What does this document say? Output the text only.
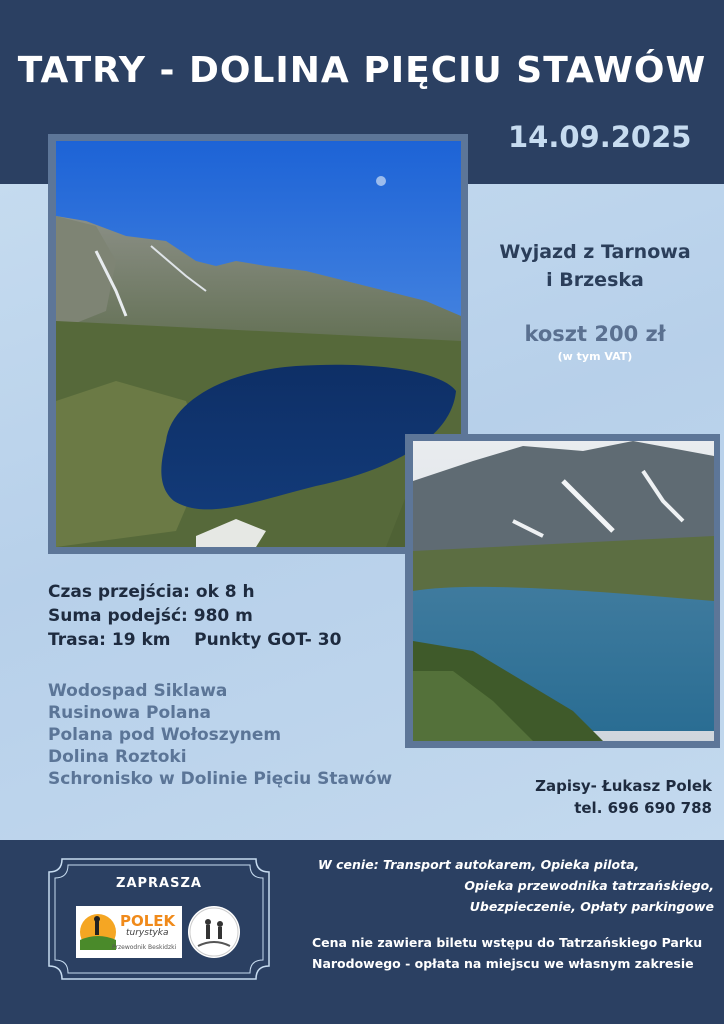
TATRY - DOLINA PIĘCIU STAWÓW
14.09.2025
Wyjazd z Tarnowa
i Brzeska
koszt 200 zł
(w tym VAT)
Czas przejścia: ok 8 h
Suma podejść: 980 m
Trasa: 19 km    Punkty GOT- 30
Wodospad Siklawa
Rusinowa Polana
Polana pod Wołoszynem
Dolina Roztoki
Schronisko w Dolinie Pięciu Stawów	Zapisy- Łukasz Polek
tel. 696 690 788
ZAPRASZA
POLEK
turystyka
Przewodnik Beskidzki
W cenie: Transport autokarem, Opieka pilota,
Opieka przewodnika tatrzańskiego,
Ubezpieczenie, Opłaty parkingowe
Cena nie zawiera biletu wstępu do Tatrzańskiego Parku Narodowego - opłata na miejscu we własnym zakresie
